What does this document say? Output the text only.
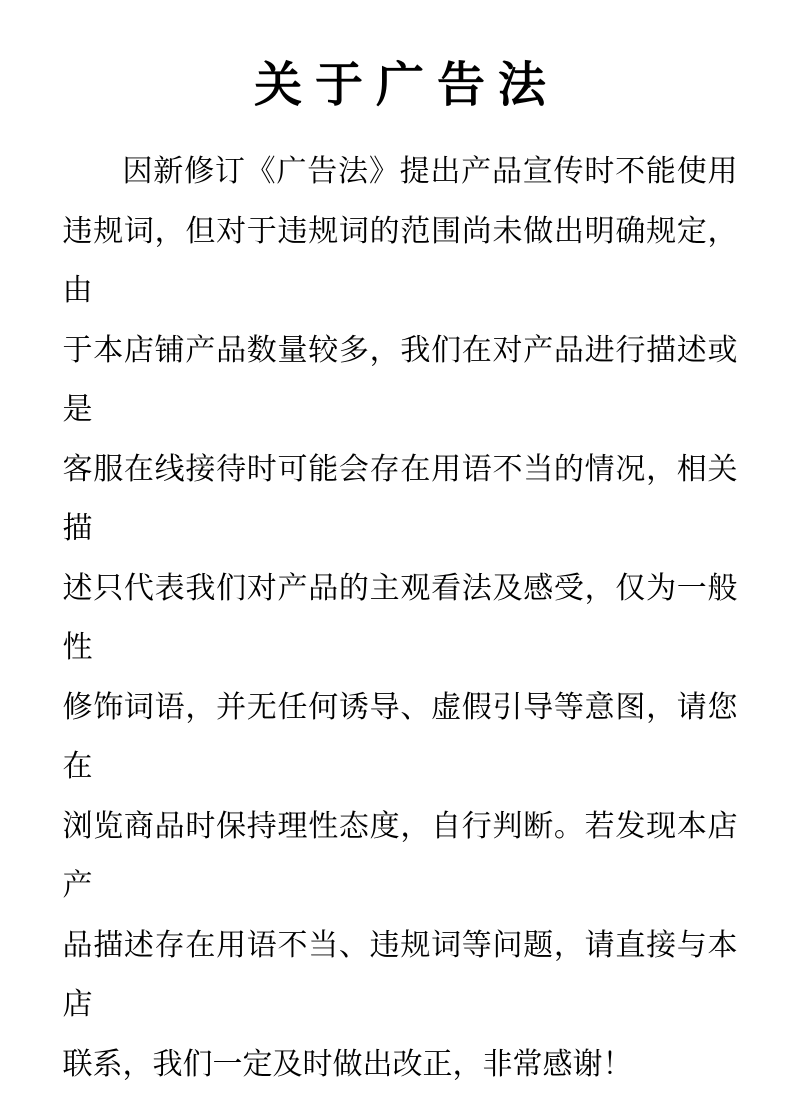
关于广告法

因新修订《广告法》提出产品宣传时不能使用

违规词，但对于违规词的范围尚未做出明确规定，由

于本店铺产品数量较多，我们在对产品进行描述或是

客服在线接待时可能会存在用语不当的情况，相关描

述只代表我们对产品的主观看法及感受，仅为一般性

修饰词语，并无任何诱导、虚假引导等意图，请您在

浏览商品时保持理性态度，自行判断。若发现本店产

品描述存在用语不当、违规词等问题，请直接与本店

联系，我们一定及时做出改正，非常感谢！
